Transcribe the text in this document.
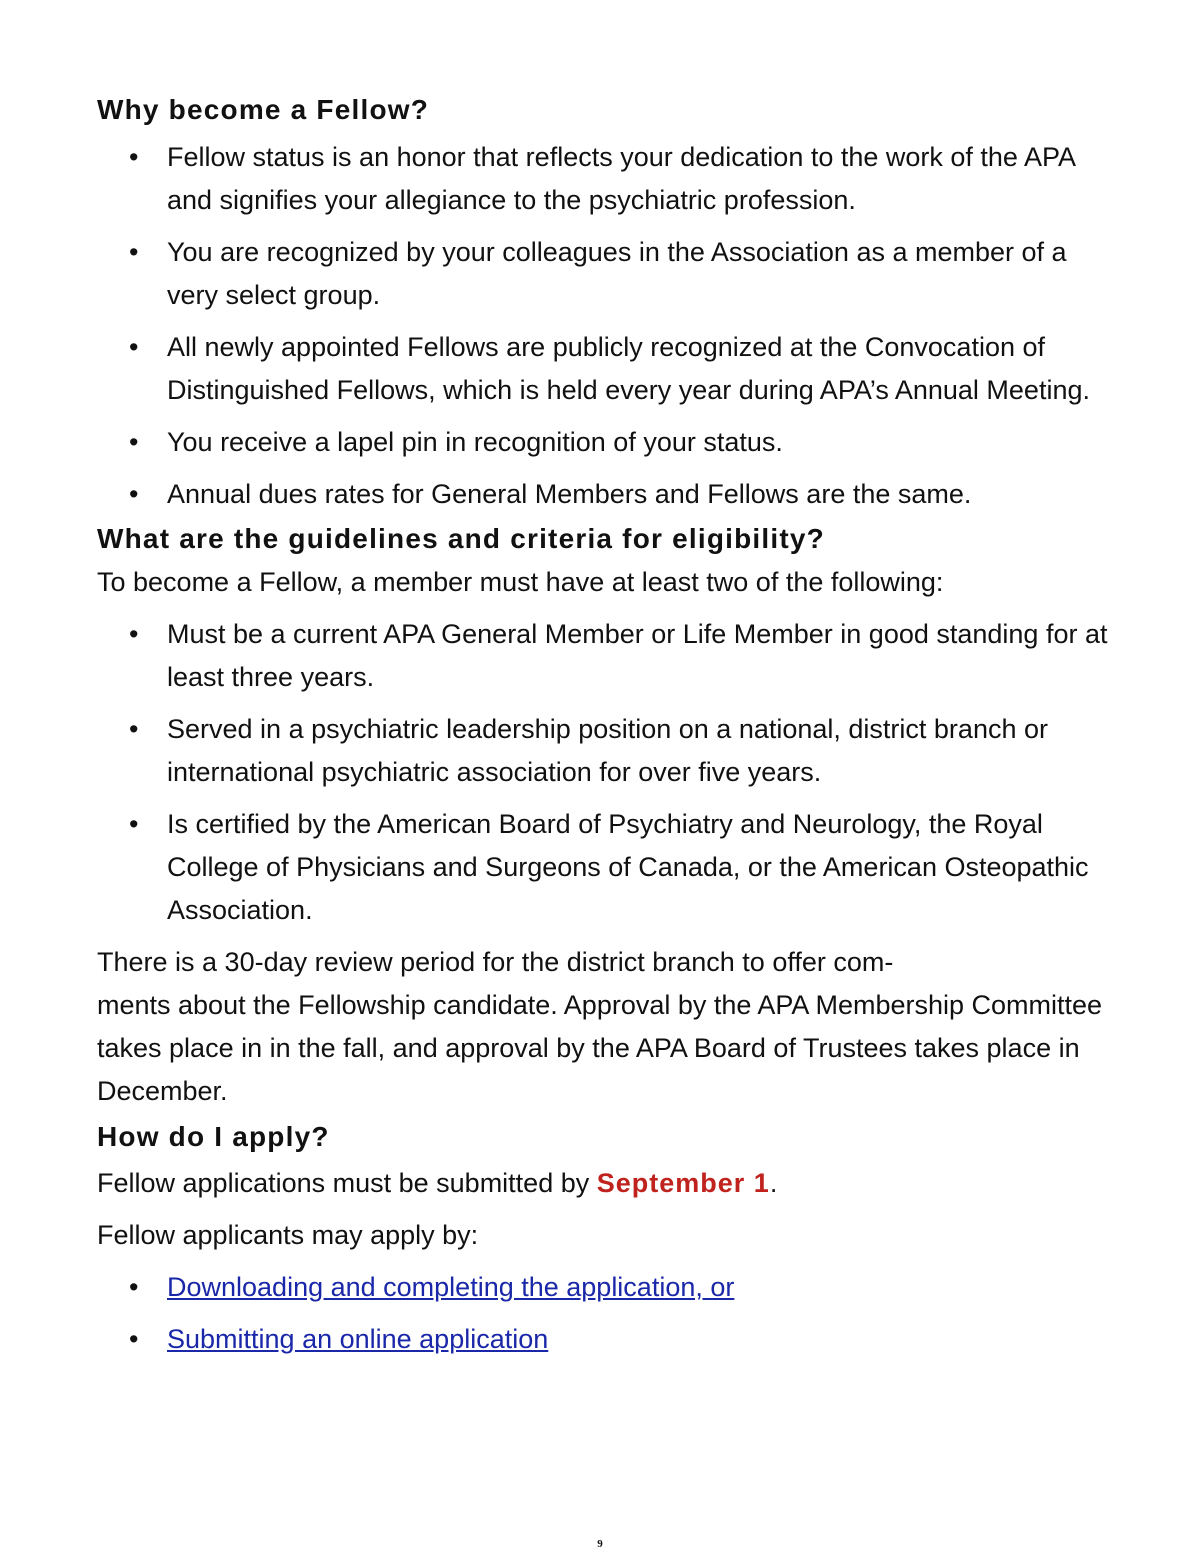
Why become a Fellow?
• Fellow status is an honor that reflects your dedication to the work of the APA and signifies your allegiance to the psychiatric profession.
• You are recognized by your colleagues in the Association as a member of a very select group.
• All newly appointed Fellows are publicly recognized at the Convocation of Distinguished Fellows, which is held every year during APA’s Annual Meeting.
• You receive a lapel pin in recognition of your status.
• Annual dues rates for General Members and Fellows are the same.
What are the guidelines and criteria for eligibility?

To become a Fellow, a member must have at least two of the following:

• Must be a current APA General Member or Life Member in good standing for at least three years.
• Served in a psychiatric leadership position on a national, district branch or international psychiatric association for over five years.
• Is certified by the American Board of Psychiatry and Neurology, the Royal College of Physicians and Surgeons of Canada, or the American Osteopathic Association.

There is a 30-day review period for the district branch to offer com-
ments about the Fellowship candidate. Approval by the APA Membership Committee takes place in in the fall, and approval by the APA Board of Trustees takes place in December.

How do I apply?

Fellow applications must be submitted by September 1.

Fellow applicants may apply by:

• Downloading and completing the application, or
• Submitting an online application
9
